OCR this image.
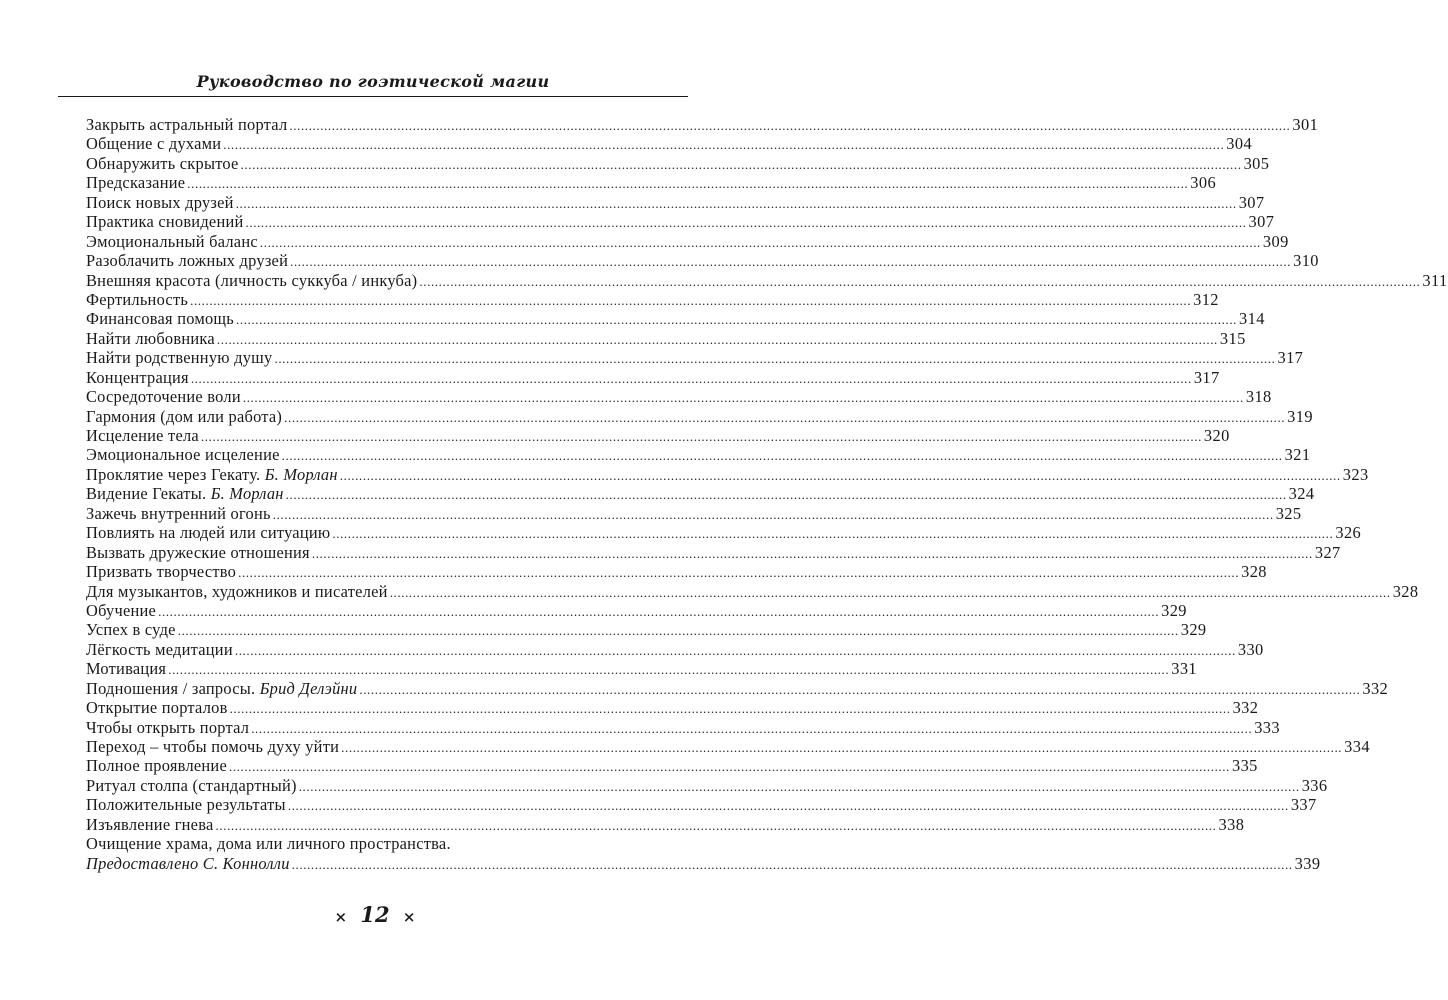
Руководство по гоэтической магии
Закрыть астральный портал .................................................................................................................................................................................................................................................................... 301
Общение с духами .................................................................................................................................................................................................................................................................... 304
Обнаружить скрытое .................................................................................................................................................................................................................................................................... 305
Предсказание .................................................................................................................................................................................................................................................................... 306
Поиск новых друзей .................................................................................................................................................................................................................................................................... 307
Практика сновидений .................................................................................................................................................................................................................................................................... 307
Эмоциональный баланс .................................................................................................................................................................................................................................................................... 309
Разоблачить ложных друзей .................................................................................................................................................................................................................................................................... 310
Внешняя красота (личность суккуба / инкуба) .................................................................................................................................................................................................................................................................... 311
Фертильность .................................................................................................................................................................................................................................................................... 312
Финансовая помощь .................................................................................................................................................................................................................................................................... 314
Найти любовника .................................................................................................................................................................................................................................................................... 315
Найти родственную душу .................................................................................................................................................................................................................................................................... 317
Концентрация .................................................................................................................................................................................................................................................................... 317
Сосредоточение воли .................................................................................................................................................................................................................................................................... 318
Гармония (дом или работа) .................................................................................................................................................................................................................................................................... 319
Исцеление тела .................................................................................................................................................................................................................................................................... 320
Эмоциональное исцеление .................................................................................................................................................................................................................................................................... 321
Проклятие через Гекату. Б. Морлан .................................................................................................................................................................................................................................................................... 323
Видение Гекаты. Б. Морлан .................................................................................................................................................................................................................................................................... 324
Зажечь внутренний огонь .................................................................................................................................................................................................................................................................... 325
Повлиять на людей или ситуацию .................................................................................................................................................................................................................................................................... 326
Вызвать дружеские отношения .................................................................................................................................................................................................................................................................... 327
Призвать творчество .................................................................................................................................................................................................................................................................... 328
Для музыкантов, художников и писателей .................................................................................................................................................................................................................................................................... 328
Обучение .................................................................................................................................................................................................................................................................... 329
Успех в суде .................................................................................................................................................................................................................................................................... 329
Лёгкость медитации .................................................................................................................................................................................................................................................................... 330
Мотивация .................................................................................................................................................................................................................................................................... 331
Подношения / запросы. Брид Делэйни .................................................................................................................................................................................................................................................................... 332
Открытие порталов .................................................................................................................................................................................................................................................................... 332
Чтобы открыть портал .................................................................................................................................................................................................................................................................... 333
Переход – чтобы помочь духу уйти .................................................................................................................................................................................................................................................................... 334
Полное проявление .................................................................................................................................................................................................................................................................... 335
Ритуал столпа (стандартный) .................................................................................................................................................................................................................................................................... 336
Положительные результаты .................................................................................................................................................................................................................................................................... 337
Изъявление гнева .................................................................................................................................................................................................................................................................... 338
Очищение храма, дома или личного пространства.
Предоставлено С. Коннолли .................................................................................................................................................................................................................................................................... 339
× 12 ×
